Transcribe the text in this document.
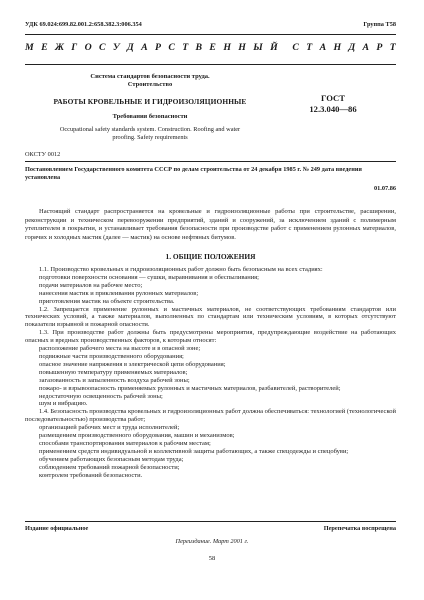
УДК 69.024:699.82.001.2:658.382.3:006.354	Группа Т58
М Е Ж Г О С У Д А Р С Т В Е Н Н Ы Й С Т А Н Д А Р Т
Система стандартов безопасности труда.
Строительство
РАБОТЫ КРОВЕЛЬНЫЕ И ГИДРОИЗОЛЯЦИОННЫЕ
Требования безопасности
Occupational safety standards system. Construction. Roofing and water
proofing. Safety requirements
ГОСТ
12.3.040—86
ОКСТУ 0012
Постановлением Государственного комитета СССР по делам строительства от 24 декабря 1985 г. № 249 дата введения установлена
01.07.86
Настоящий стандарт распространяется на кровельные и гидроизоляционные работы при строительстве, расширении, реконструкции и техническом перевооружении предприятий, зданий и сооружений, за исключением зданий с полимерным утеплителем в покрытии, и устанавливает требования безопасности при производстве работ с применением рулонных материалов, горячих и холодных мастик (далее — мастик) на основе нефтяных битумов.
1. ОБЩИЕ ПОЛОЖЕНИЯ

1.1. Производство кровельных и гидроизоляционных работ должно быть безопасным на всех стадиях:

подготовки поверхности основания — сушки, выравнивания и обеспыливания;

подачи материалов на рабочее место;

нанесения мастик и приклеивания рулонных материалов;

приготовления мастик на объекте строительства.

1.2. Запрещается применение рулонных и мастичных материалов, не соответствующих требованиям стандартов или технических условий, а также материалов, выполненных по стандартам или техническим условиям, в которых отсутствуют показатели взрывной и пожарной опасности.

1.3. При производстве работ должны быть предусмотрены мероприятия, предупреждающие воздействие на работающих опасных и вредных производственных факторов, к которым относят:

расположение рабочего места на высоте и в опасной зоне;

подвижные части производственного оборудования;

опасное значение напряжения в электрической цепи оборудования;

повышенную температуру применяемых материалов;

загазованность и запыленность воздуха рабочей зоны;

пожаро- и взрывоопасность применяемых рулонных и мастичных материалов, разбавителей, растворителей;

недостаточную освещенность рабочей зоны;

шум и вибрацию.

1.4. Безопасность производства кровельных и гидроизоляционных работ должна обеспечиваться: технологией (технологической последовательностью) производства работ;

организацией рабочих мест и труда исполнителей;

размещением производственного оборудования, машин и механизмов;

способами транспортирования материалов к рабочим местам;

применением средств индивидуальной и коллективной защиты работающих, а также спецодежды и спецобуви;

обучением работающих безопасным методам труда;

соблюдением требований пожарной безопасности;

контролем требований безопасности.

Издание официальное	Перепечатка воспрещена
Переиздание. Март 2001 г.
58
